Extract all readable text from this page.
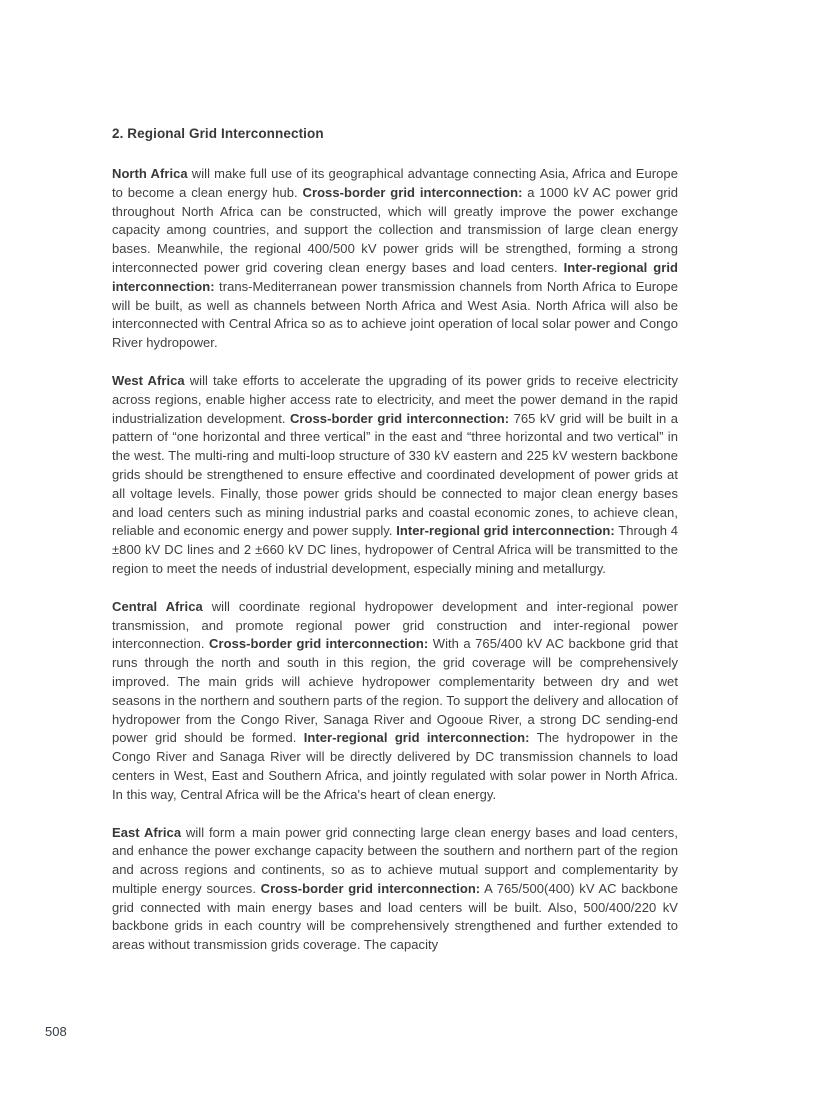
2. Regional Grid Interconnection

North Africa will make full use of its geographical advantage connecting Asia, Africa and Europe to become a clean energy hub. Cross-border grid interconnection: a 1000 kV AC power grid throughout North Africa can be constructed, which will greatly improve the power exchange capacity among countries, and support the collection and transmission of large clean energy bases. Meanwhile, the regional 400/500 kV power grids will be strengthed, forming a strong interconnected power grid covering clean energy bases and load centers. Inter-regional grid interconnection: trans-Mediterranean power transmission channels from North Africa to Europe will be built, as well as channels between North Africa and West Asia. North Africa will also be interconnected with Central Africa so as to achieve joint operation of local solar power and Congo River hydropower.

West Africa will take efforts to accelerate the upgrading of its power grids to receive electricity across regions, enable higher access rate to electricity, and meet the power demand in the rapid industrialization development. Cross-border grid interconnection: 765 kV grid will be built in a pattern of “one horizontal and three vertical” in the east and “three horizontal and two vertical” in the west. The multi-ring and multi-loop structure of 330 kV eastern and 225 kV western backbone grids should be strengthened to ensure effective and coordinated development of power grids at all voltage levels. Finally, those power grids should be connected to major clean energy bases and load centers such as mining industrial parks and coastal economic zones, to achieve clean, reliable and economic energy and power supply. Inter-regional grid interconnection: Through 4 ±800 kV DC lines and 2 ±660 kV DC lines, hydropower of Central Africa will be transmitted to the region to meet the needs of industrial development, especially mining and metallurgy.

Central Africa will coordinate regional hydropower development and inter-regional power transmission, and promote regional power grid construction and inter-regional power interconnection. Cross-border grid interconnection: With a 765/400 kV AC backbone grid that runs through the north and south in this region, the grid coverage will be comprehensively improved. The main grids will achieve hydropower complementarity between dry and wet seasons in the northern and southern parts of the region. To support the delivery and allocation of hydropower from the Congo River, Sanaga River and Ogooue River, a strong DC sending-end power grid should be formed. Inter-regional grid interconnection: The hydropower in the Congo River and Sanaga River will be directly delivered by DC transmission channels to load centers in West, East and Southern Africa, and jointly regulated with solar power in North Africa. In this way, Central Africa will be the Africa's heart of clean energy.

East Africa will form a main power grid connecting large clean energy bases and load centers, and enhance the power exchange capacity between the southern and northern part of the region and across regions and continents, so as to achieve mutual support and complementarity by multiple energy sources. Cross-border grid interconnection: A 765/500(400) kV AC backbone grid connected with main energy bases and load centers will be built. Also, 500/400/220 kV backbone grids in each country will be comprehensively strengthened and further extended to areas without transmission grids coverage. The capacity

508
